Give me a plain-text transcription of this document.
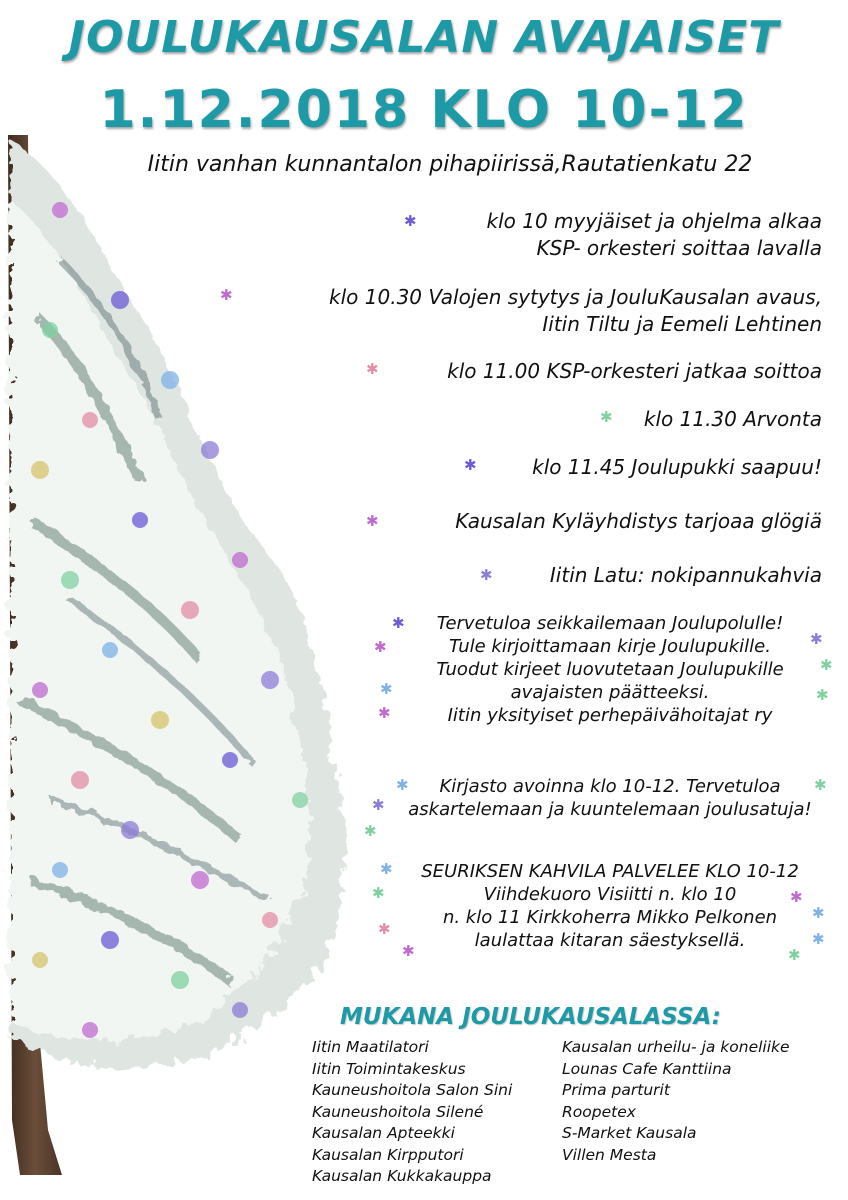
JOULUKAUSALAN AVAJAISET
1.12.2018 KLO 10-12
Iitin vanhan kunnantalon pihapiirissä,Rautatienkatu 22
klo 10 myyjäiset ja ohjelma alkaa
KSP- orkesteri soittaa lavalla
klo 10.30 Valojen sytytys ja JouluKausalan avaus,
Iitin Tiltu ja Eemeli Lehtinen
klo 11.00 KSP-orkesteri jatkaa soittoa
klo 11.30 Arvonta
klo 11.45 Joulupukki saapuu!
Kausalan Kyläyhdistys tarjoaa glögiä
Iitin Latu: nokipannukahvia
Tervetuloa seikkailemaan Joulupolulle!
Tule kirjoittamaan kirje Joulupukille.
Tuodut kirjeet luovutetaan Joulupukille
avajaisten päätteeksi.
Iitin yksityiset perhepäivähoitajat ry
Kirjasto avoinna klo 10-12. Tervetuloa
askartelemaan ja kuuntelemaan joulusatuja!
SEURIKSEN KAHVILA PALVELEE KLO 10-12
Viihdekuoro Visiitti n. klo 10
n. klo 11 Kirkkoherra Mikko Pelkonen
laulattaa kitaran säestyksellä.
✱
✱
✱
✱
✱
✱
✱
✱
✱
✱
✱
✱	✱
✱
✱	✱
✱
✱
✱
✱	✱
✱
✱
✱
✱
✱
MUKANA JOULUKAUSALASSA:
Iitin Maatilatori
Iitin Toimintakeskus
Kauneushoitola Salon Sini
Kauneushoitola Silené
Kausalan Apteekki
Kausalan Kirpputori
Kausalan Kukkakauppa
Kausalan urheilu- ja koneliike
Lounas Cafe Kanttiina
Prima parturit
Roopetex
S-Market Kausala
Villen Mesta
